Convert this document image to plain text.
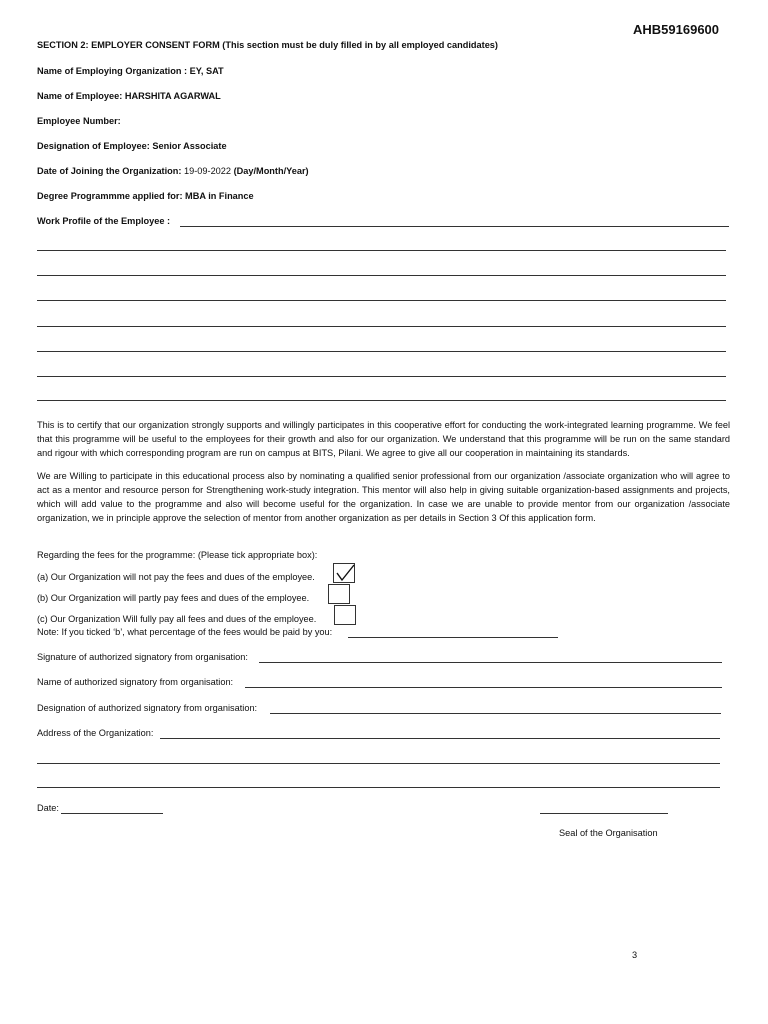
AHB59169600
SECTION 2: EMPLOYER CONSENT FORM (This section must be duly filled in by all employed candidates)
Name of Employing Organization : EY, SAT
Name of Employee: HARSHITA AGARWAL
Employee Number:
Designation of Employee: Senior Associate
Date of Joining the Organization: 19-09-2022 (Day/Month/Year)
Degree Programmme applied for: MBA in Finance
Work Profile of the Employee :
This is to certify that our organization strongly supports and willingly participates in this cooperative effort for conducting the work-integrated learning programme. We feel that this programme will be useful to the employees for their growth and also for our organization. We understand that this programme will be run on the same standard and rigour with which corresponding program are run on campus at BITS, Pilani. We agree to give all our cooperation in maintaining its standards.
We are Willing to participate in this educational process also by nominating a qualified senior professional from our organization /associate organization who will agree to act as a mentor and resource person for Strengthening work-study integration. This mentor will also help in giving suitable organization-based assignments and projects, which will add value to the programme and also will become useful for the organization. In case we are unable to provide mentor from our organization /associate organization, we in principle approve the selection of mentor from another organization as per details in Section 3 Of this application form.
Regarding the fees for the programme: (Please tick appropriate box):
(a) Our Organization will not pay the fees and dues of the employee.
(b) Our Organization will partly pay fees and dues of the employee.
(c) Our Organization Will fully pay all fees and dues of the employee.
Note: If you ticked ‘b’, what percentage of the fees would be paid by you:
Signature of authorized signatory from organisation:
Name of authorized signatory from organisation:
Designation of authorized signatory from organisation:
Address of the Organization:
Date:
Seal of the Organisation
3
